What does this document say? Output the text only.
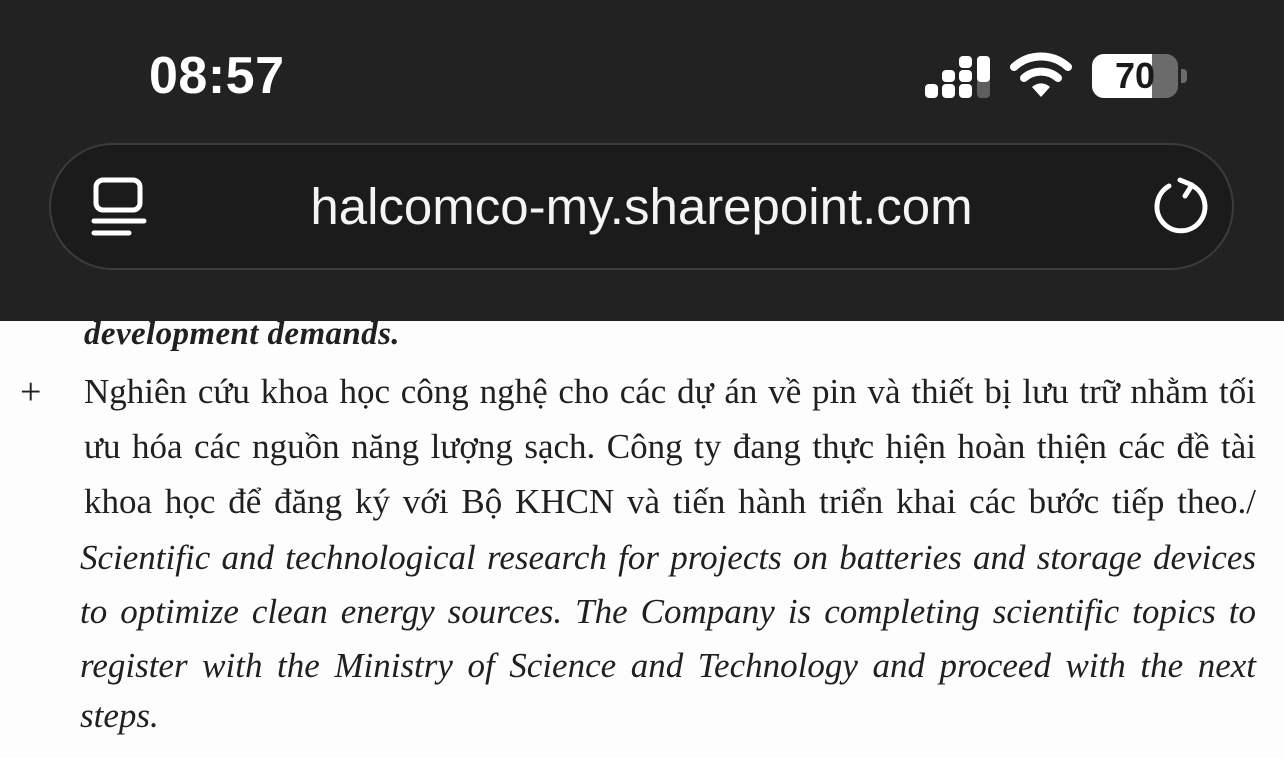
08:57	70
halcomco-my.sharepoint.com
development demands.
+ Nghiên cứu khoa học công nghệ cho các dự án về pin và thiết bị lưu trữ nhằm tối
ưu hóa các nguồn năng lượng sạch. Công ty đang thực hiện hoàn thiện các đề tài
khoa học để đăng ký với Bộ KHCN và tiến hành triển khai các bước tiếp theo./
Scientific and technological research for projects on batteries and storage devices
to optimize clean energy sources. The Company is completing scientific topics to
register with the Ministry of Science and Technology and proceed with the next
steps.
